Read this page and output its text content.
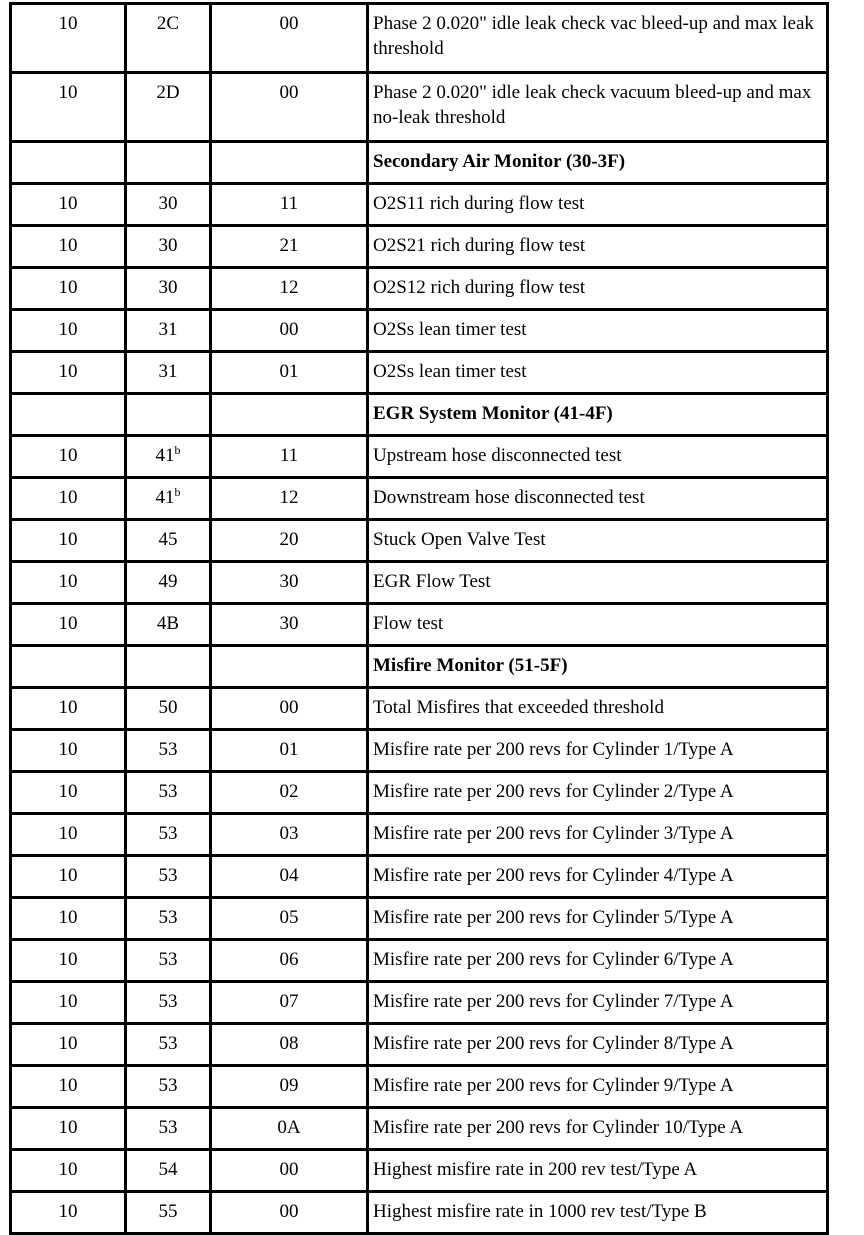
10	2C	00	Phase 2 0.020" idle leak check vac bleed-up and max leak threshold
10	2D	00	Phase 2 0.020" idle leak check vacuum bleed-up and max no-leak threshold
			Secondary Air Monitor (30-3F)
10	30	11	O2S11 rich during flow test
10	30	21	O2S21 rich during flow test
10	30	12	O2S12 rich during flow test
10	31	00	O2Ss lean timer test
10	31	01	O2Ss lean timer test
			EGR System Monitor (41-4F)
10	41$^b$	11	Upstream hose disconnected test
10	41$^b$	12	Downstream hose disconnected test
10	45	20	Stuck Open Valve Test
10	49	30	EGR Flow Test
10	4B	30	Flow test
			Misfire Monitor (51-5F)
10	50	00	Total Misfires that exceeded threshold
10	53	01	Misfire rate per 200 revs for Cylinder 1/Type A
10	53	02	Misfire rate per 200 revs for Cylinder 2/Type A
10	53	03	Misfire rate per 200 revs for Cylinder 3/Type A
10	53	04	Misfire rate per 200 revs for Cylinder 4/Type A
10	53	05	Misfire rate per 200 revs for Cylinder 5/Type A
10	53	06	Misfire rate per 200 revs for Cylinder 6/Type A
10	53	07	Misfire rate per 200 revs for Cylinder 7/Type A
10	53	08	Misfire rate per 200 revs for Cylinder 8/Type A
10	53	09	Misfire rate per 200 revs for Cylinder 9/Type A
10	53	0A	Misfire rate per 200 revs for Cylinder 10/Type A
10	54	00	Highest misfire rate in 200 rev test/Type A
10	55	00	Highest misfire rate in 1000 rev test/Type B
